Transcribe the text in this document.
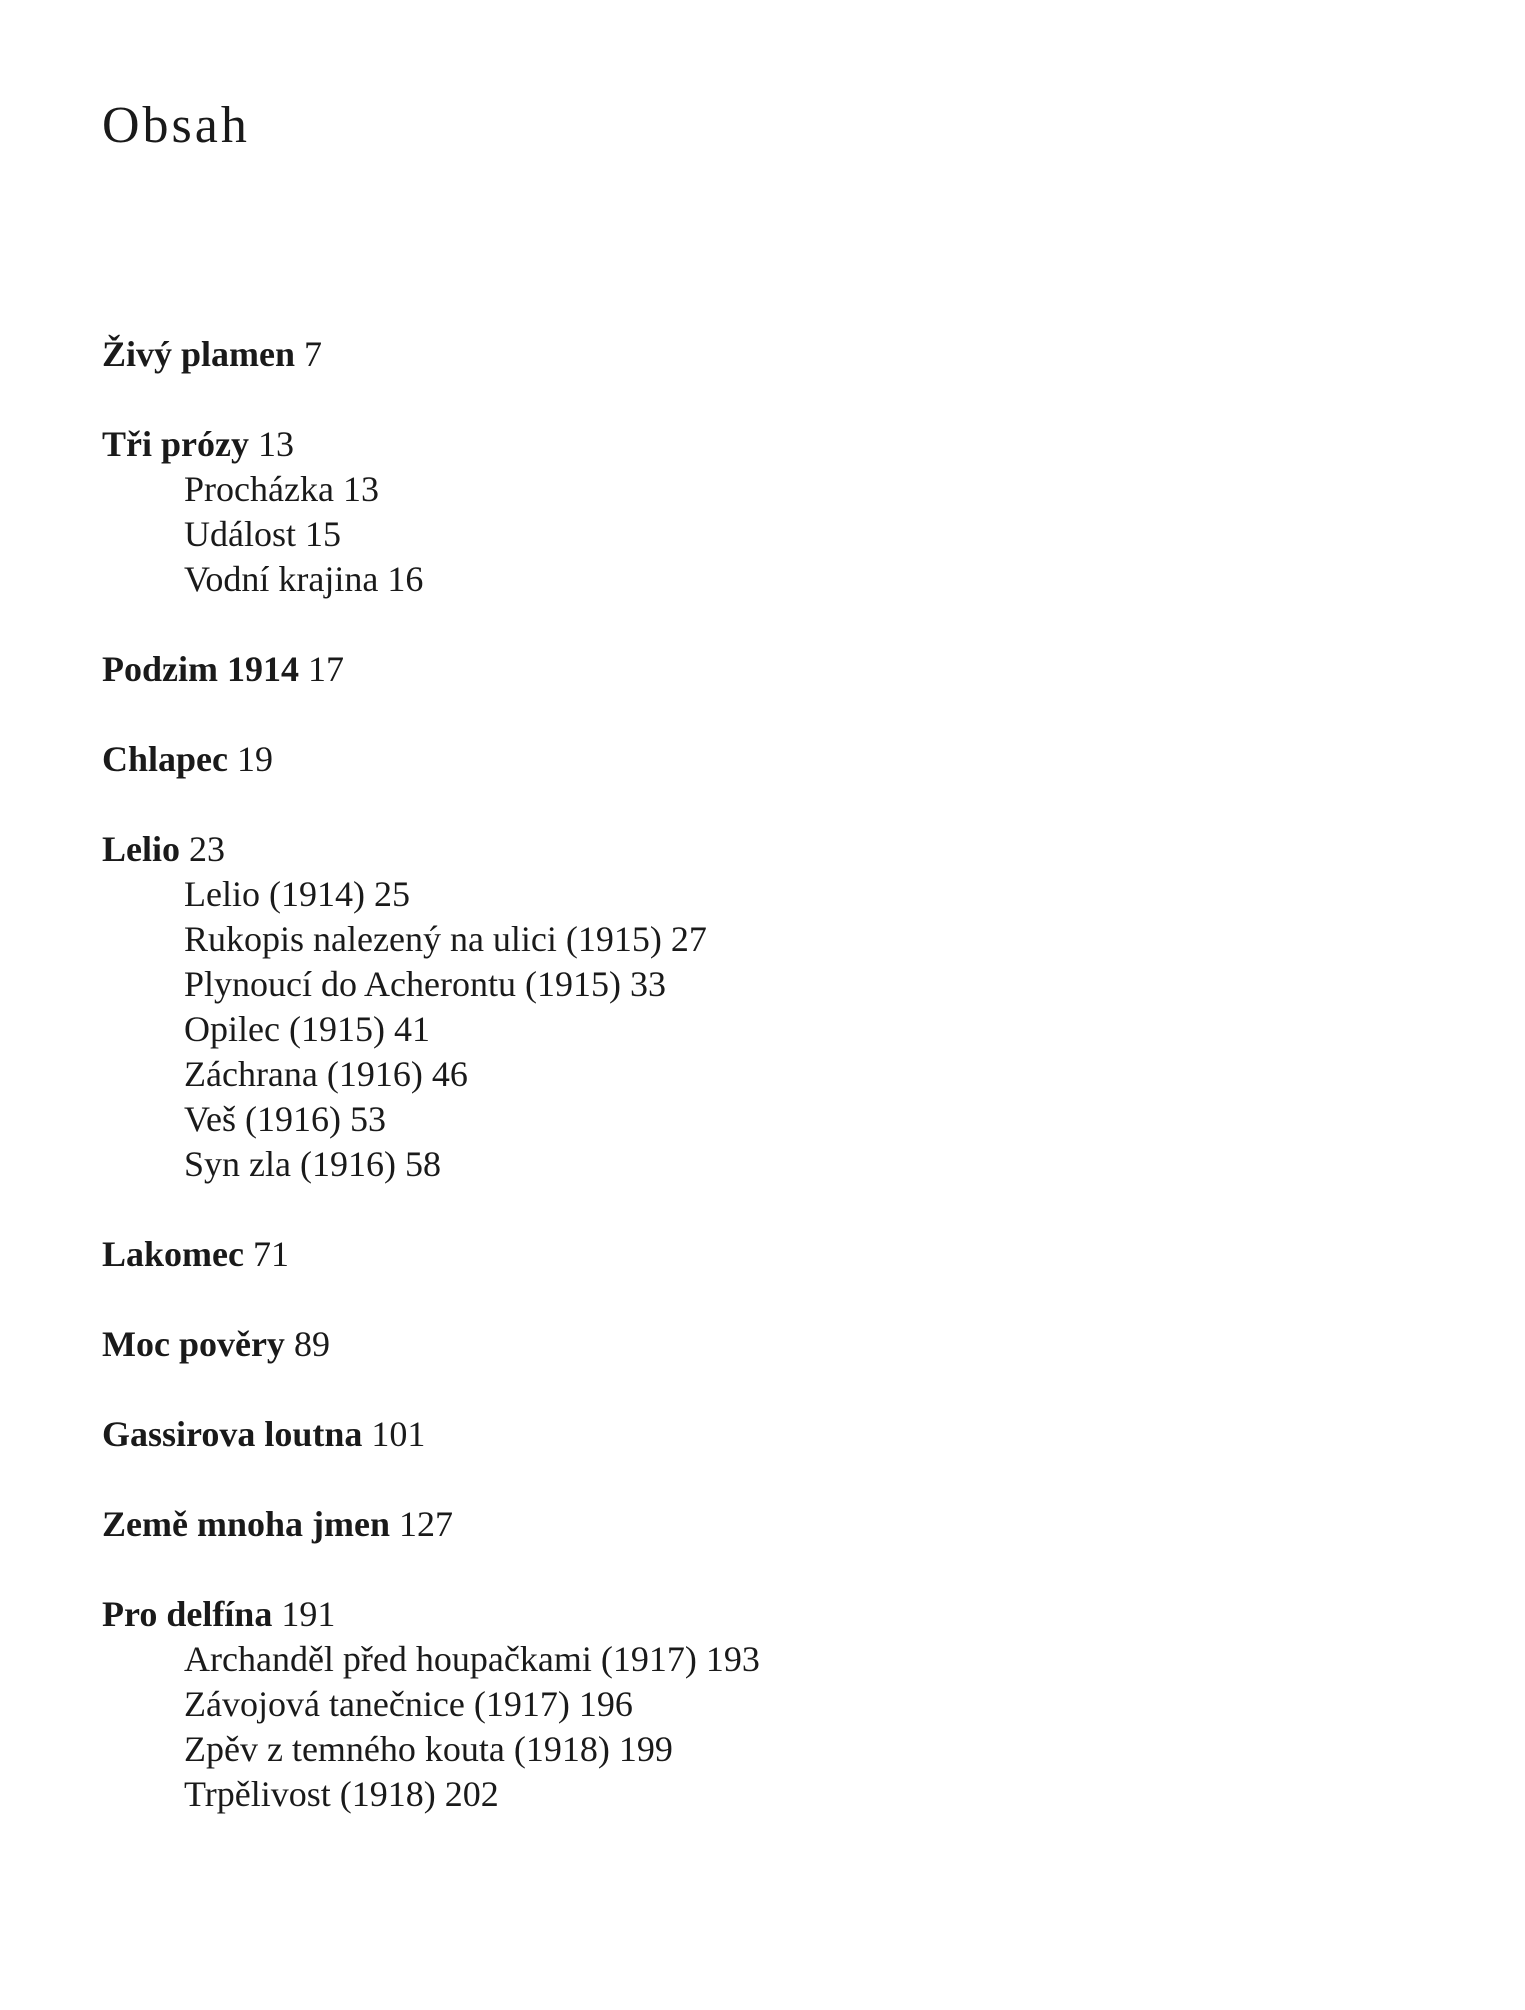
Obsah
Živý plamen 7
Tři prózy 13
Procházka 13
Událost 15
Vodní krajina 16
Podzim 1914 17
Chlapec 19
Lelio 23
Lelio (1914) 25
Rukopis nalezený na ulici (1915) 27
Plynoucí do Acherontu (1915) 33
Opilec (1915) 41
Záchrana (1916) 46
Veš (1916) 53
Syn zla (1916) 58
Lakomec 71
Moc pověry 89
Gassirova loutna 101
Země mnoha jmen 127
Pro delfína 191
Archanděl před houpačkami (1917) 193
Závojová tanečnice (1917) 196
Zpěv z temného kouta (1918) 199
Trpělivost (1918) 202
